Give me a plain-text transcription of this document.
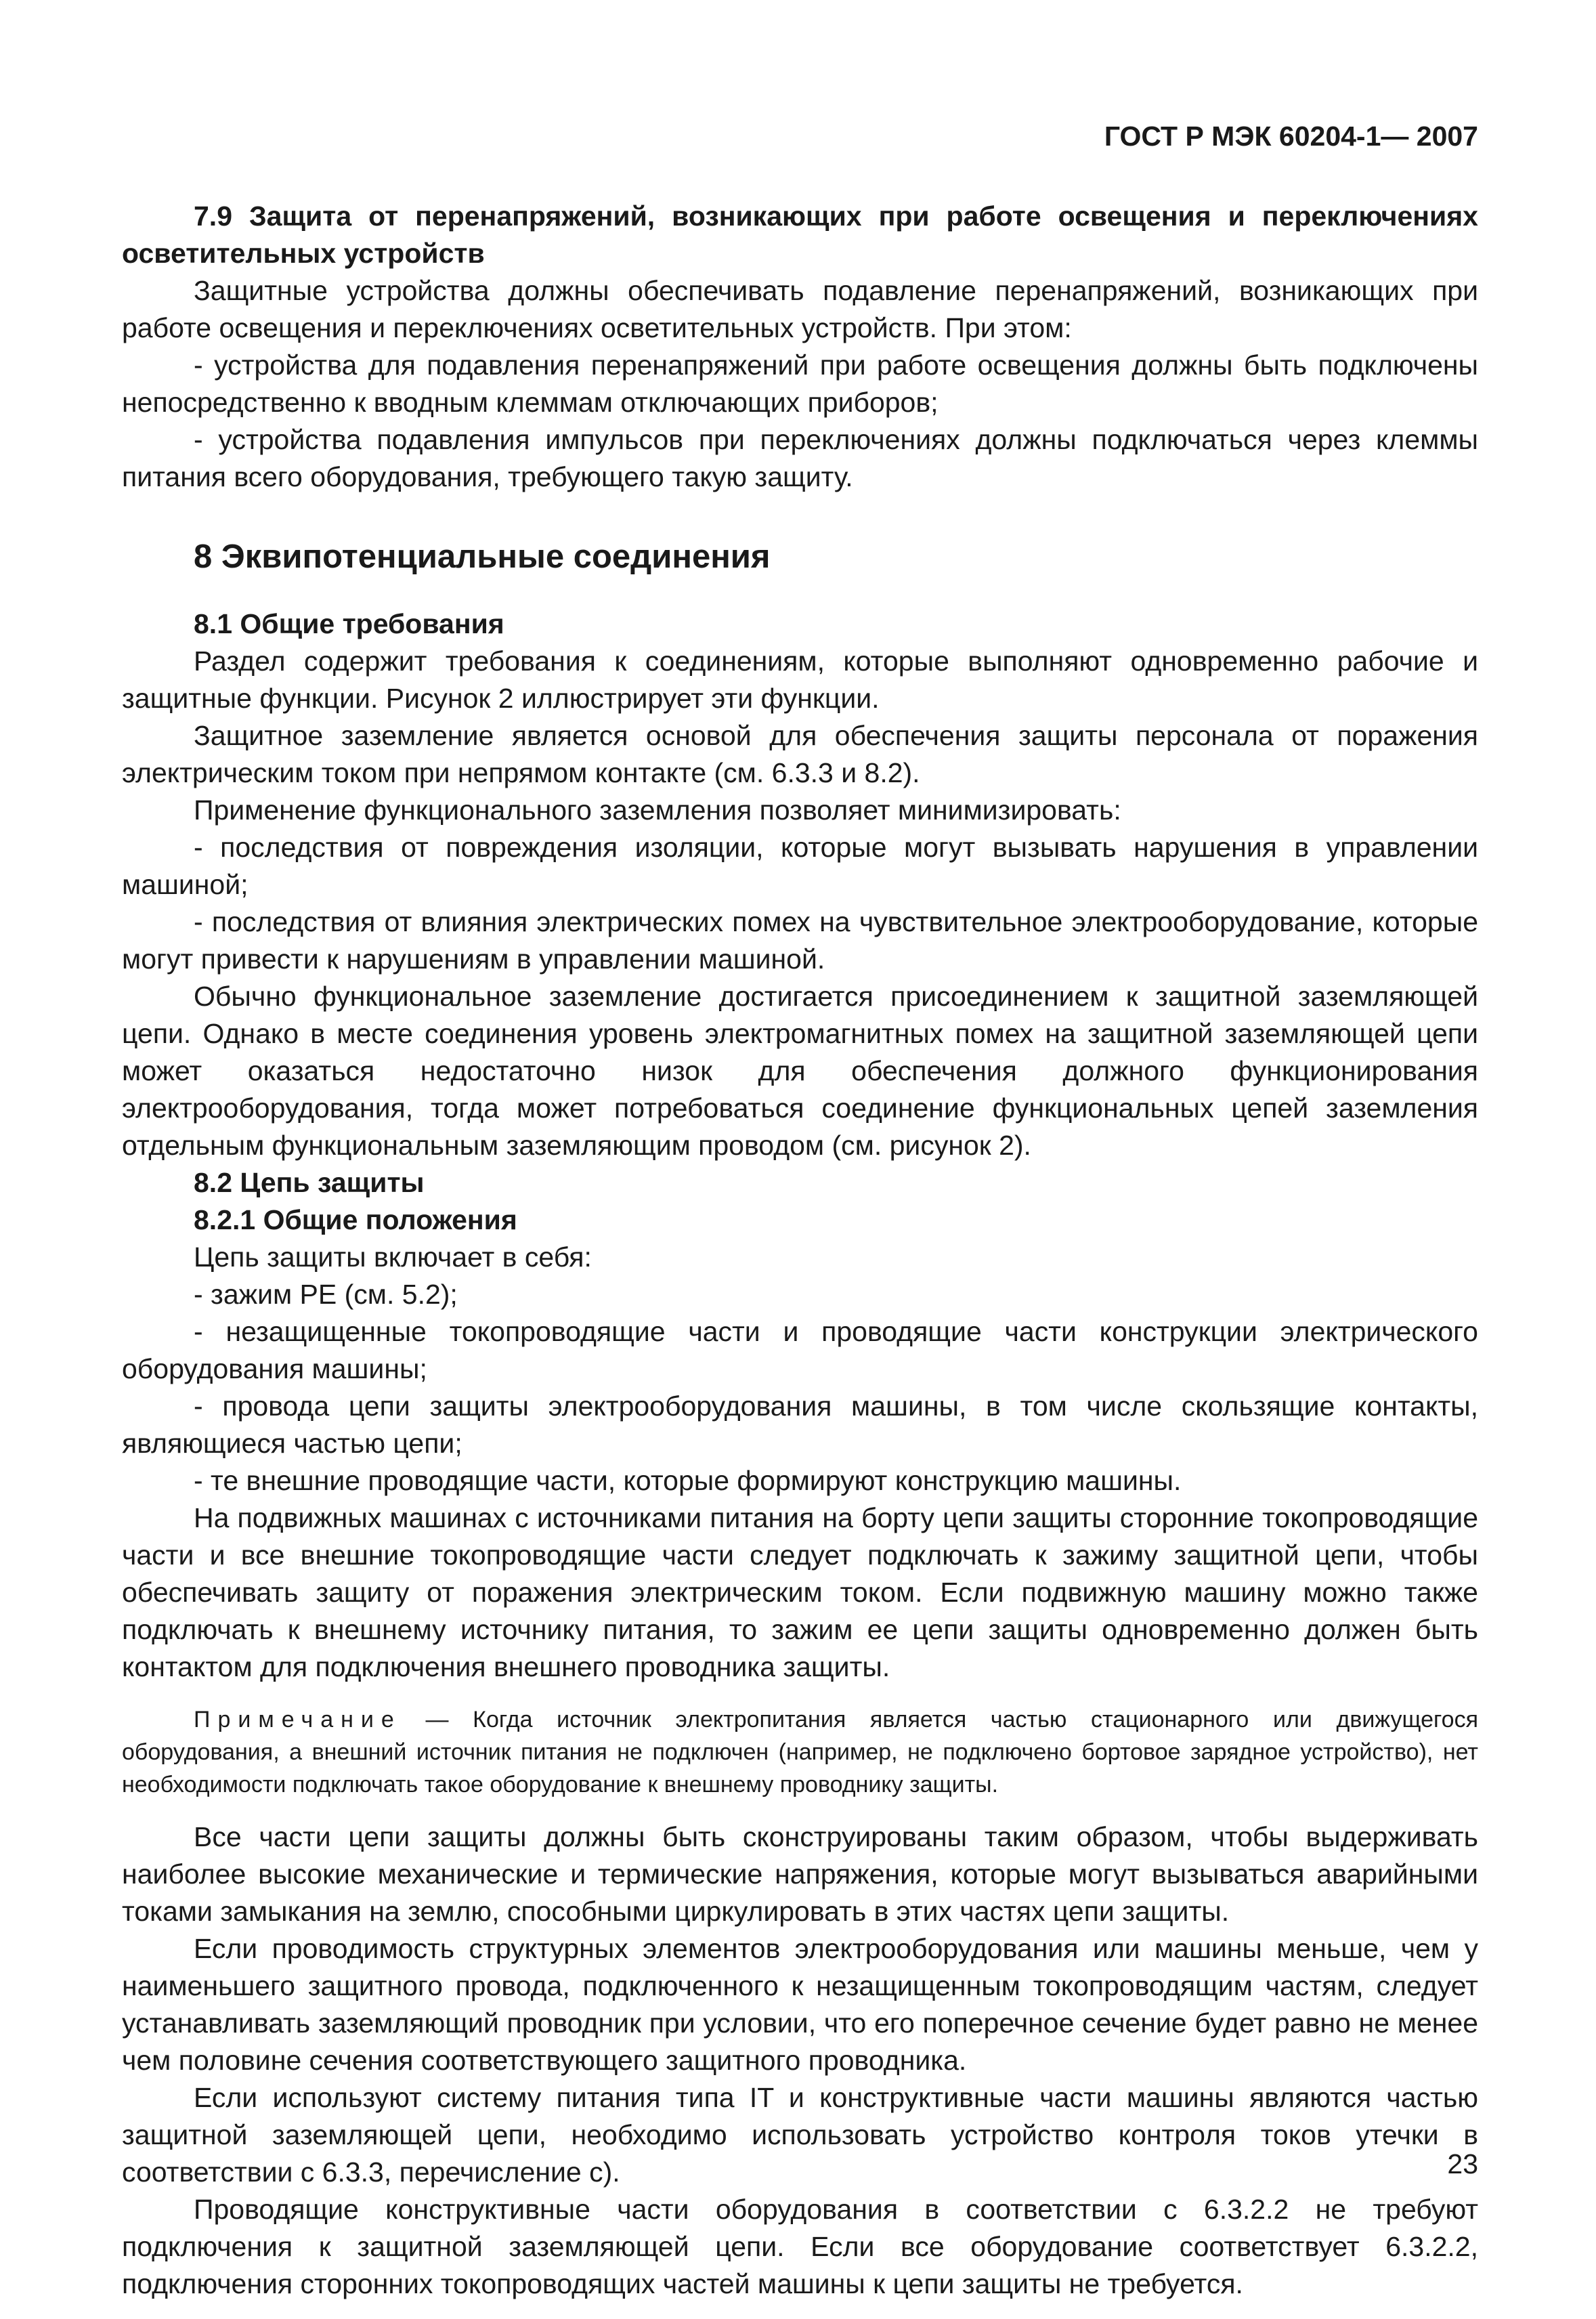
ГОСТ Р МЭК 60204-1— 2007

7.9 Защита от перенапряжений, возникающих при работе освещения и переключениях осветительных устройств

Защитные устройства должны обеспечивать подавление перенапряжений, возникающих при работе освещения и переключениях осветительных устройств. При этом:

- устройства для подавления перенапряжений при работе освещения должны быть подключены непосредственно к вводным клеммам отключающих приборов;

- устройства подавления импульсов при переключениях должны подключаться через клеммы питания всего оборудования, требующего такую защиту.

8 Эквипотенциальные соединения

8.1 Общие требования

Раздел содержит требования к соединениям, которые выполняют одновременно рабочие и защитные функции. Рисунок 2 иллюстрирует эти функции.

Защитное заземление является основой для обеспечения защиты персонала от поражения электрическим током при непрямом контакте (см. 6.3.3 и 8.2).

Применение функционального заземления позволяет минимизировать:

- последствия от повреждения изоляции, которые могут вызывать нарушения в управлении машиной;

- последствия от влияния электрических помех на чувствительное электрооборудование, которые могут привести к нарушениям в управлении машиной.

Обычно функциональное заземление достигается присоединением к защитной заземляющей цепи. Однако в месте соединения уровень электромагнитных помех на защитной заземляющей цепи может оказаться недостаточно низок для обеспечения должного функционирования электрооборудования, тогда может потребоваться соединение функциональных цепей заземления отдельным функциональным заземляющим проводом (см. рисунок 2).

8.2 Цепь защиты

8.2.1 Общие положения

Цепь защиты включает в себя:

- зажим PE (см. 5.2);

- незащищенные токопроводящие части и проводящие части конструкции электрического оборудования машины;

- провода цепи защиты электрооборудования машины, в том числе скользящие контакты, являющиеся частью цепи;

- те внешние проводящие части, которые формируют конструкцию машины.

На подвижных машинах с источниками питания на борту цепи защиты сторонние токопроводящие части и все внешние токопроводящие части следует подключать к зажиму защитной цепи, чтобы обеспечивать защиту от поражения электрическим током. Если подвижную машину можно также подключать к внешнему источнику питания, то зажим ее цепи защиты одновременно должен быть контактом для подключения внешнего проводника защиты.

Примечание — Когда источник электропитания является частью стационарного или движущегося оборудования, а внешний источник питания не подключен (например, не подключено бортовое зарядное устройство), нет необходимости подключать такое оборудование к внешнему проводнику защиты.

Все части цепи защиты должны быть сконструированы таким образом, чтобы выдерживать наиболее высокие механические и термические напряжения, которые могут вызываться аварийными токами замыкания на землю, способными циркулировать в этих частях цепи защиты.

Если проводимость структурных элементов электрооборудования или машины меньше, чем у наименьшего защитного провода, подключенного к незащищенным токопроводящим частям, следует устанавливать заземляющий проводник при условии, что его поперечное сечение будет равно не менее чем половине сечения соответствующего защитного проводника.

Если используют систему питания типа IT и конструктивные части машины являются частью защитной заземляющей цепи, необходимо использовать устройство контроля токов утечки в соответствии с 6.3.3, перечисление с).

Проводящие конструктивные части оборудования в соответствии с 6.3.2.2 не требуют подключения к защитной заземляющей цепи. Если все оборудование соответствует 6.3.2.2, подключения сторонних токопроводящих частей машины к цепи защиты не требуется.

23
